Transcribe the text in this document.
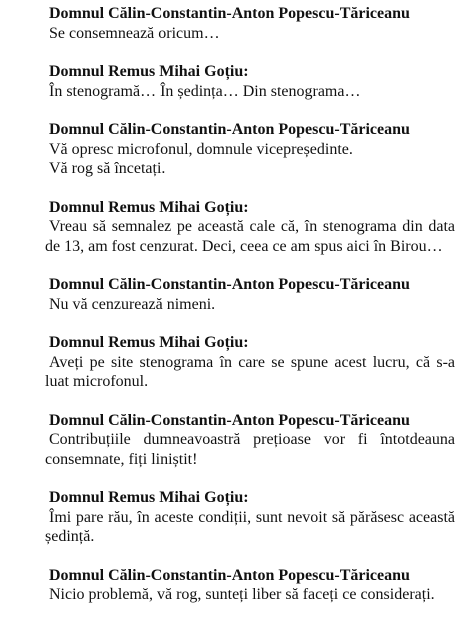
Domnul Călin-Constantin-Anton Popescu-Tăriceanu
Se consemnează oricum…
Domnul Remus Mihai Goțiu:
În stenogramă… În ședința… Din stenograma…
Domnul Călin-Constantin-Anton Popescu-Tăriceanu
Vă opresc microfonul, domnule vicepreședinte.
Vă rog să încetați.
Domnul Remus Mihai Goțiu:

Vreau să semnalez pe această cale că, în stenograma din data de 13, am fost cenzurat. Deci, ceea ce am spus aici în Birou…

Domnul Călin-Constantin-Anton Popescu-Tăriceanu
Nu vă cenzurează nimeni.
Domnul Remus Mihai Goțiu:

Aveți pe site stenograma în care se spune acest lucru, că s-a luat microfonul.

Domnul Călin-Constantin-Anton Popescu-Tăriceanu

Contribuțiile dumneavoastră prețioase vor fi întotdeauna consemnate, fiți liniștit!

Domnul Remus Mihai Goțiu:

Îmi pare rău, în aceste condiții, sunt nevoit să părăsesc această ședință.

Domnul Călin-Constantin-Anton Popescu-Tăriceanu
Nicio problemă, vă rog, sunteți liber să faceți ce considerați.
